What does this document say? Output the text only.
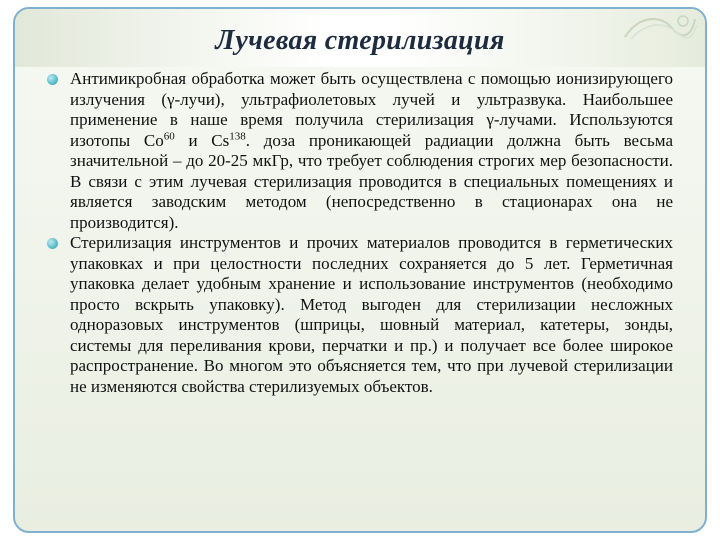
Лучевая стерилизация
Антимикробная обработка может быть осуществлена с помощью ионизирующего излучения (γ-лучи), ультрафиолетовых лучей и ультразвука. Наибольшее применение в наше время получила стерилизация γ-лучами. Используются изотопы Co$^{60}$ и Cs$^{138}$. доза проникающей радиации должна быть весьма значительной – до 20-25 мкГр, что требует соблюдения строгих мер безопасности. В связи с этим лучевая стерилизация проводится в специальных помещениях и является заводским методом (непосредственно в стационарах она не производится).
Стерилизация инструментов и прочих материалов проводится в герметических упаковках и при целостности последних сохраняется до 5 лет. Герметичная упаковка делает удобным хранение и использование инструментов (необходимо просто вскрыть упаковку). Метод выгоден для стерилизации несложных одноразовых инструментов (шприцы, шовный материал, катетеры, зонды, системы для переливания крови, перчатки и пр.) и получает все более широкое распространение. Во многом это объясняется тем, что при лучевой стерилизации не изменяются свойства стерилизуемых объектов.
